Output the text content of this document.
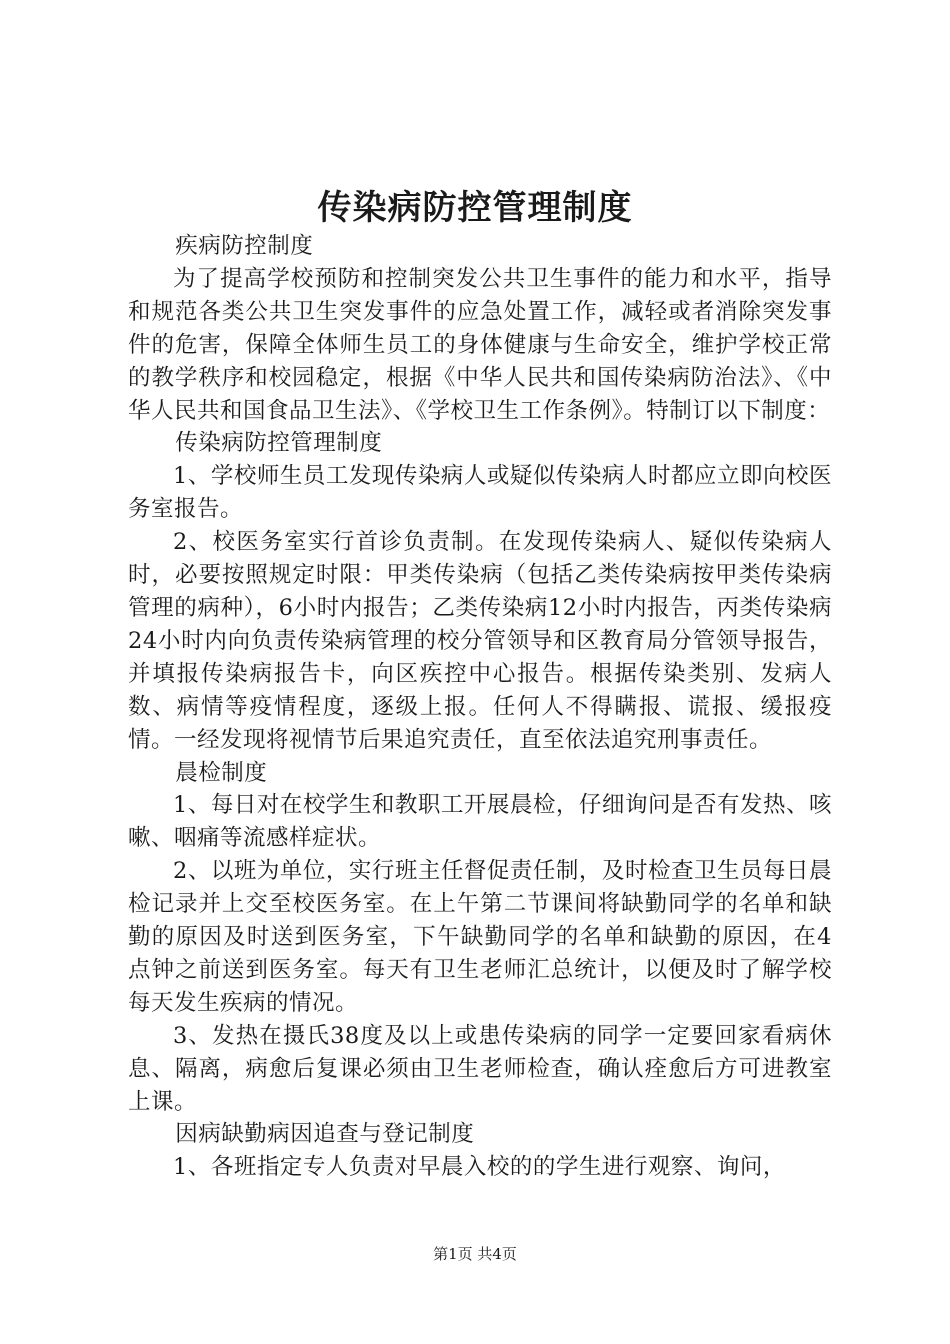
传染病防控管理制度

疾病防控制度

为了提高学校预防和控制突发公共卫生事件的能力和水平，指导和规范各类公共卫生突发事件的应急处置工作，减轻或者消除突发事件的危害，保障全体师生员工的身体健康与生命安全，维护学校正常的教学秩序和校园稳定，根据《中华人民共和国传染病防治法》、《中华人民共和国食品卫生法》、《学校卫生工作条例》。特制订以下制度：

传染病防控管理制度

1、学校师生员工发现传染病人或疑似传染病人时都应立即向校医务室报告。

2、校医务室实行首诊负责制。在发现传染病人、疑似传染病人时，必要按照规定时限：甲类传染病（包括乙类传染病按甲类传染病管理的病种），6小时内报告；乙类传染病12小时内报告，丙类传染病24小时内向负责传染病管理的校分管领导和区教育局分管领导报告，并填报传染病报告卡，向区疾控中心报告。根据传染类别、发病人数、病情等疫情程度，逐级上报。任何人不得瞒报、谎报、缓报疫情。一经发现将视情节后果追究责任，直至依法追究刑事责任。

晨检制度

1、每日对在校学生和教职工开展晨检，仔细询问是否有发热、咳嗽、咽痛等流感样症状。

2、以班为单位，实行班主任督促责任制，及时检查卫生员每日晨检记录并上交至校医务室。在上午第二节课间将缺勤同学的名单和缺勤的原因及时送到医务室，下午缺勤同学的名单和缺勤的原因，在4点钟之前送到医务室。每天有卫生老师汇总统计，以便及时了解学校每天发生疾病的情况。

3、发热在摄氏38度及以上或患传染病的同学一定要回家看病休息、隔离，病愈后复课必须由卫生老师检查，确认痊愈后方可进教室上课。

因病缺勤病因追查与登记制度

1、各班指定专人负责对早晨入校的的学生进行观察、询问，

第1页 共4页
